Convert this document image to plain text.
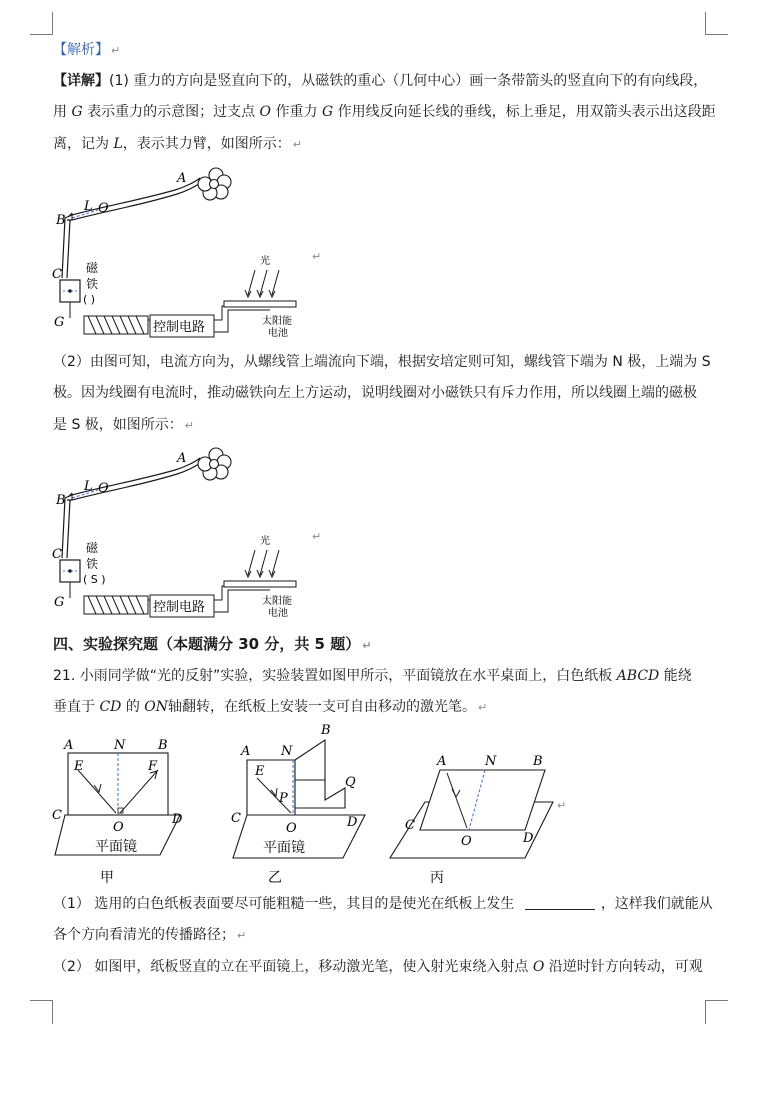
【解析】 ↵
【详解】(1) 重力的方向是竖直向下的，从磁铁的重心（几何中心）画一条带箭头的竖直向下的有向线段，
用 G 表示重力的示意图；过支点 O 作重力 G 作用线反向延长线的垂线，标上垂足，用双箭头表示出这段距
离，记为 L，表示其力臂，如图所示： ↵
A
B
L O
C 磁
铁
( )
G	控制电路
光
太阳能
电池
↵
（2）由图可知，电流方向为，从螺线管上端流向下端，根据安培定则可知，螺线管下端为 N 极，上端为 S
极。因为线圈有电流时，推动磁铁向左上方运动，说明线圈对小磁铁只有斥力作用，所以线圈上端的磁极
是 S 极，如图所示： ↵
A
B
L O
C 磁
铁
( S )
G	控制电路
光
太阳能
电池
↵
四、实验探究题（本题满分 30 分，共 5 题） ↵
21. 小雨同学做“光的反射”实验，实验装置如图甲所示，平面镜放在水平桌面上，白色纸板 ABCD 能绕
垂直于 CD 的 ON轴翻转，在纸板上安装一支可自由移动的激光笔。 ↵
A	N	B
E	F
C
O
D
平面镜
甲
A N
B
E
P
Q
C
O	D
平面镜
乙
A	N	B
C
O	D
丙
↵
（1） 选用的白色纸板表面要尽可能粗糙一些，其目的是使光在纸板上发生	，这样我们就能从
各个方向看清光的传播路径； ↵
（2） 如图甲，纸板竖直的立在平面镜上，移动激光笔，使入射光束绕入射点 O 沿逆时针方向转动，可观
